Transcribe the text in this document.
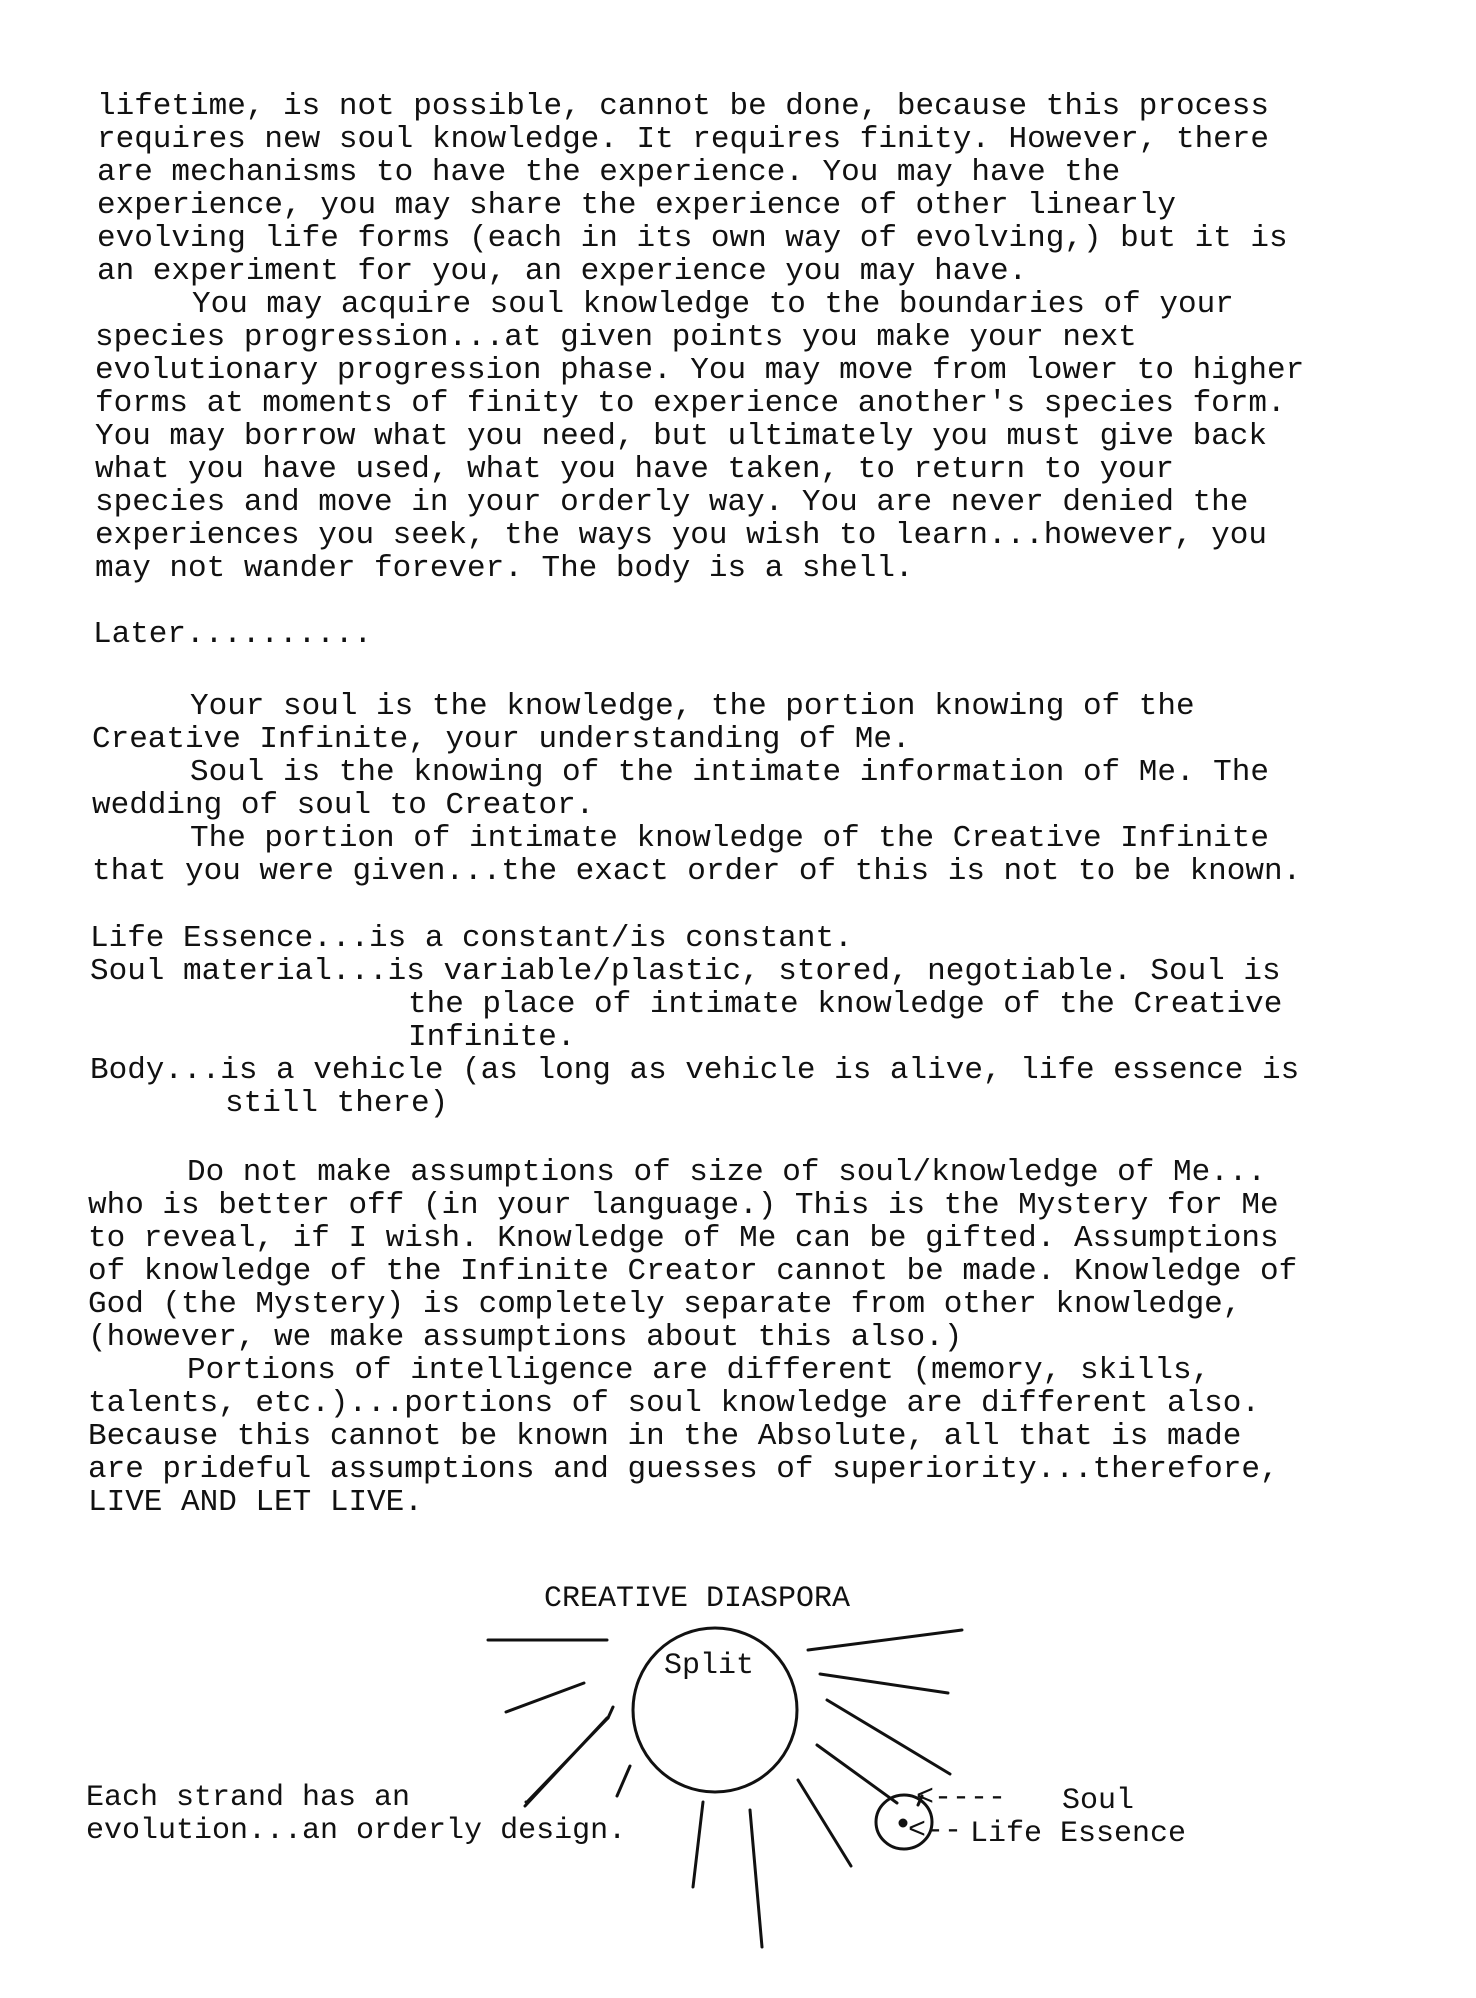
lifetime, is not possible, cannot be done, because this process
requires new soul knowledge. It requires finity. However, there
are mechanisms to have the experience. You may have the
experience, you may share the experience of other linearly
evolving life forms (each in its own way of evolving,) but it is
an experiment for you, an experience you may have.
You may acquire soul knowledge to the boundaries of your
species progression...at given points you make your next
evolutionary progression phase. You may move from lower to higher
forms at moments of finity to experience another's species form.
You may borrow what you need, but ultimately you must give back
what you have used, what you have taken, to return to your
species and move in your orderly way. You are never denied the
experiences you seek, the ways you wish to learn...however, you
may not wander forever. The body is a shell.
Later..........
Your soul is the knowledge, the portion knowing of the
Creative Infinite, your understanding of Me.
Soul is the knowing of the intimate information of Me. The
wedding of soul to Creator.
The portion of intimate knowledge of the Creative Infinite
that you were given...the exact order of this is not to be known.
Life Essence...is a constant/is constant.
Soul material...is variable/plastic, stored, negotiable. Soul is
the place of intimate knowledge of the Creative
Infinite.
Body...is a vehicle (as long as vehicle is alive, life essence is
still there)
Do not make assumptions of size of soul/knowledge of Me...
who is better off (in your language.) This is the Mystery for Me
to reveal, if I wish. Knowledge of Me can be gifted. Assumptions
of knowledge of the Infinite Creator cannot be made. Knowledge of
God (the Mystery) is completely separate from other knowledge,
(however, we make assumptions about this also.)
Portions of intelligence are different (memory, skills,
talents, etc.)...portions of soul knowledge are different also.
Because this cannot be known in the Absolute, all that is made
are prideful assumptions and guesses of superiority...therefore,
LIVE AND LET LIVE.
CREATIVE DIASPORA
Split
Each strand has an
evolution...an orderly design.
<---- Soul
<-- Life Essence
